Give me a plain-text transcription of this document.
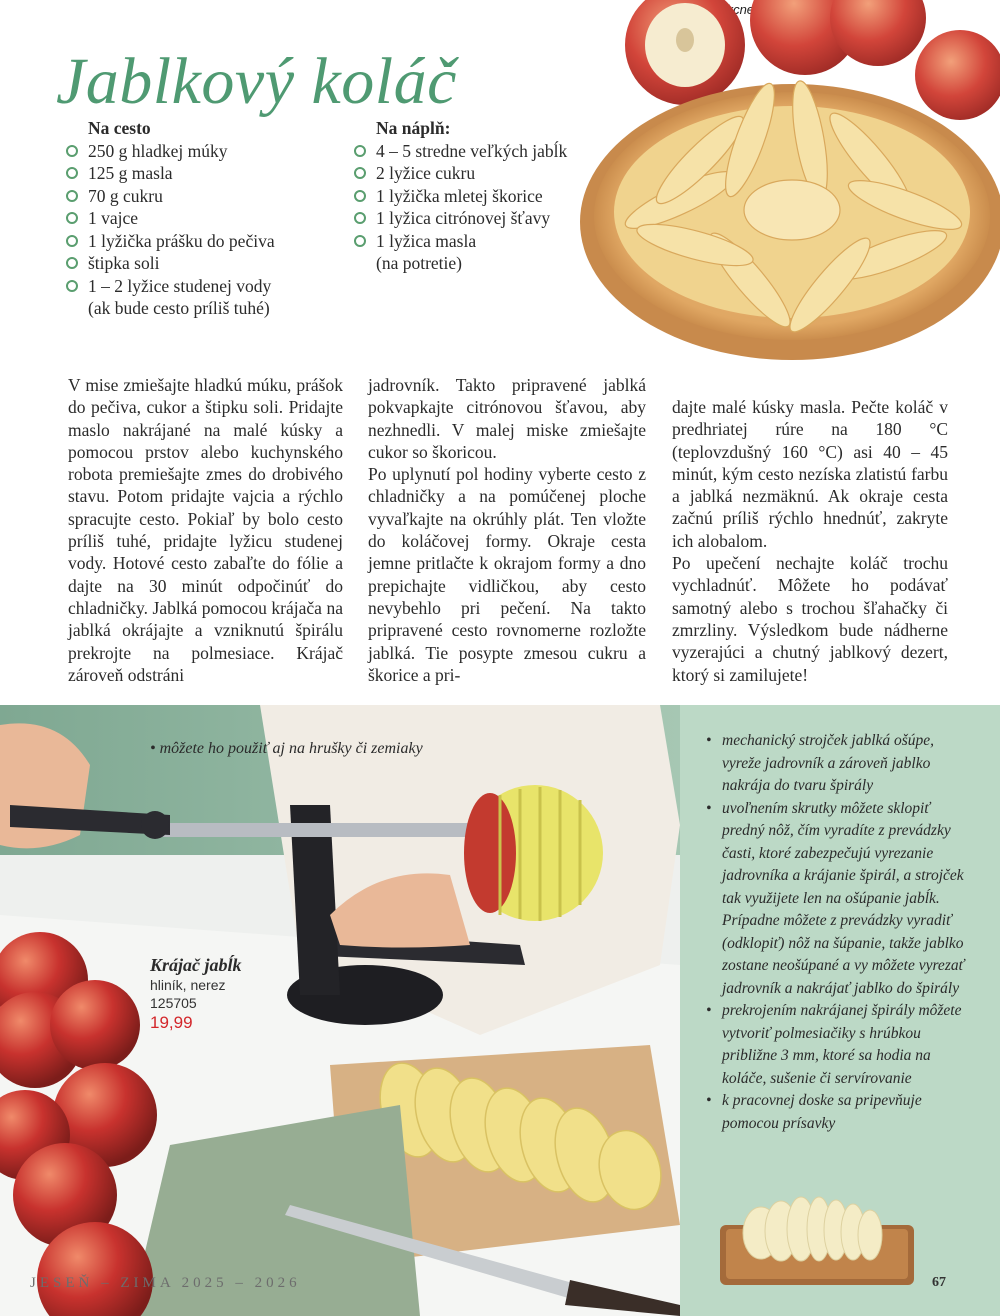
www.AkcneLetaky.sk
Jablkový koláč
Na cesto
250 g hladkej múky
125 g masla
70 g cukru
1 vajce
1 lyžička prášku do pečiva
štipka soli
1 – 2 lyžice studenej vody
(ak bude cesto príliš tuhé)
Na náplň:
4 – 5 stredne veľkých jabĺk
2 lyžice cukru
1 lyžička mletej škorice
1 lyžica citrónovej šťavy
1 lyžica masla
(na potretie)

V mise zmiešajte hladkú múku, prášok do pečiva, cukor a štipku soli. Pridajte maslo nakrájané na malé kúsky a pomocou prstov alebo kuchynského robota premiešajte zmes do drobivého stavu. Potom pridajte vajcia a rýchlo spracujte cesto. Pokiaľ by bolo cesto príliš tuhé, pridajte lyžicu studenej vody. Hotové cesto zabaľte do fólie a dajte na 30 minút odpočinúť do chladničky. Jablká pomocou krájača na jablká okrájajte a vzniknutú špirálu prekrojte na polmesiace. Krájač zároveň odstráni

jadrovník. Takto pripravené jablká pokvapkajte citrónovou šťavou, aby nezhnedli. V malej miske zmiešajte cukor so škoricou.

Po uplynutí pol hodiny vyberte cesto z chladničky a na pomúčenej ploche vyvaľkajte na okrúhly plát. Ten vložte do koláčovej formy. Okraje cesta jemne pritlačte k okrajom formy a dno prepichajte vidličkou, aby cesto nevybehlo pri pečení. Na takto pripravené cesto rovnomerne rozložte jablká. Tie posypte zmesou cukru a škorice a pri-

dajte malé kúsky masla. Pečte koláč v predhriatej rúre na 180 °C (teplovzdušný 160 °C) asi 40 – 45 minút, kým cesto nezíska zlatistú farbu a jablká nezmäknú. Ak okraje cesta začnú príliš rýchlo hnednúť, zakryte ich alobalom.

Po upečení nechajte koláč trochu vychladnúť. Môžete ho podávať samotný alebo s trochou šľahačky či zmrzliny. Výsledkom bude nádherne vyzerajúci a chutný jablkový dezert, ktorý si zamilujete!

• môžete ho použiť aj na hrušky či zemiaky
Krájač jabĺk
hliník, nerez
125705
19,99
JESEŇ – ZIMA 2025 – 2026
• mechanický strojček jablká ošúpe, vyreže jadrovník a zároveň jablko nakrája do tvaru špirály
• uvoľnením skrutky môžete sklopiť predný nôž, čím vyradíte z prevádzky časti, ktoré zabezpečujú vyrezanie jadrovníka a krájanie špirál, a strojček tak využijete len na ošúpanie jabĺk. Prípadne môžete z prevádzky vyradiť (odklopiť) nôž na šúpanie, takže jablko zostane neošúpané a vy môžete vyrezať jadrovník a nakrájať jablko do špirály
• prekrojením nakrájanej špirály môžete vytvoriť polmesiačiky s hrúbkou približne 3 mm, ktoré sa hodia na koláče, sušenie či servírovanie
• k pracovnej doske sa pripevňuje pomocou prísavky
67
